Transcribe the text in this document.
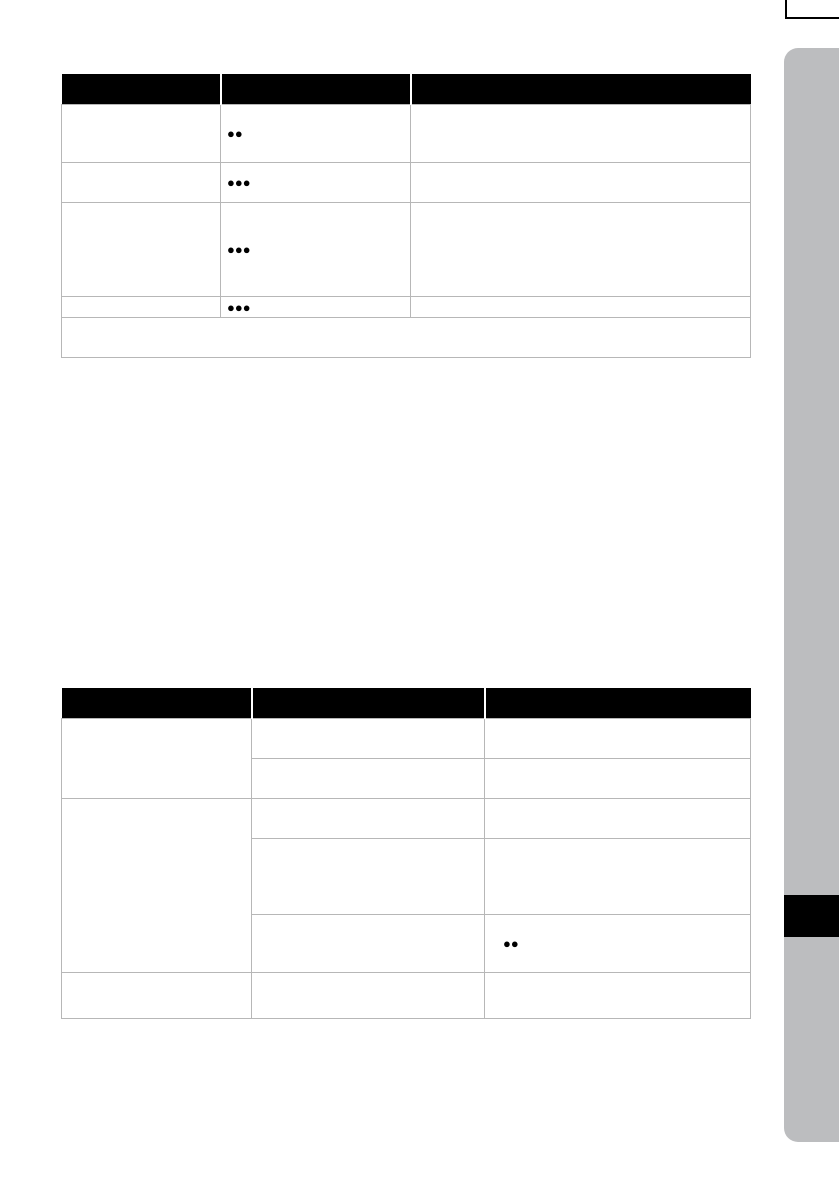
	●●	
	●●●	
	●●●	
	●●●	

		●●
